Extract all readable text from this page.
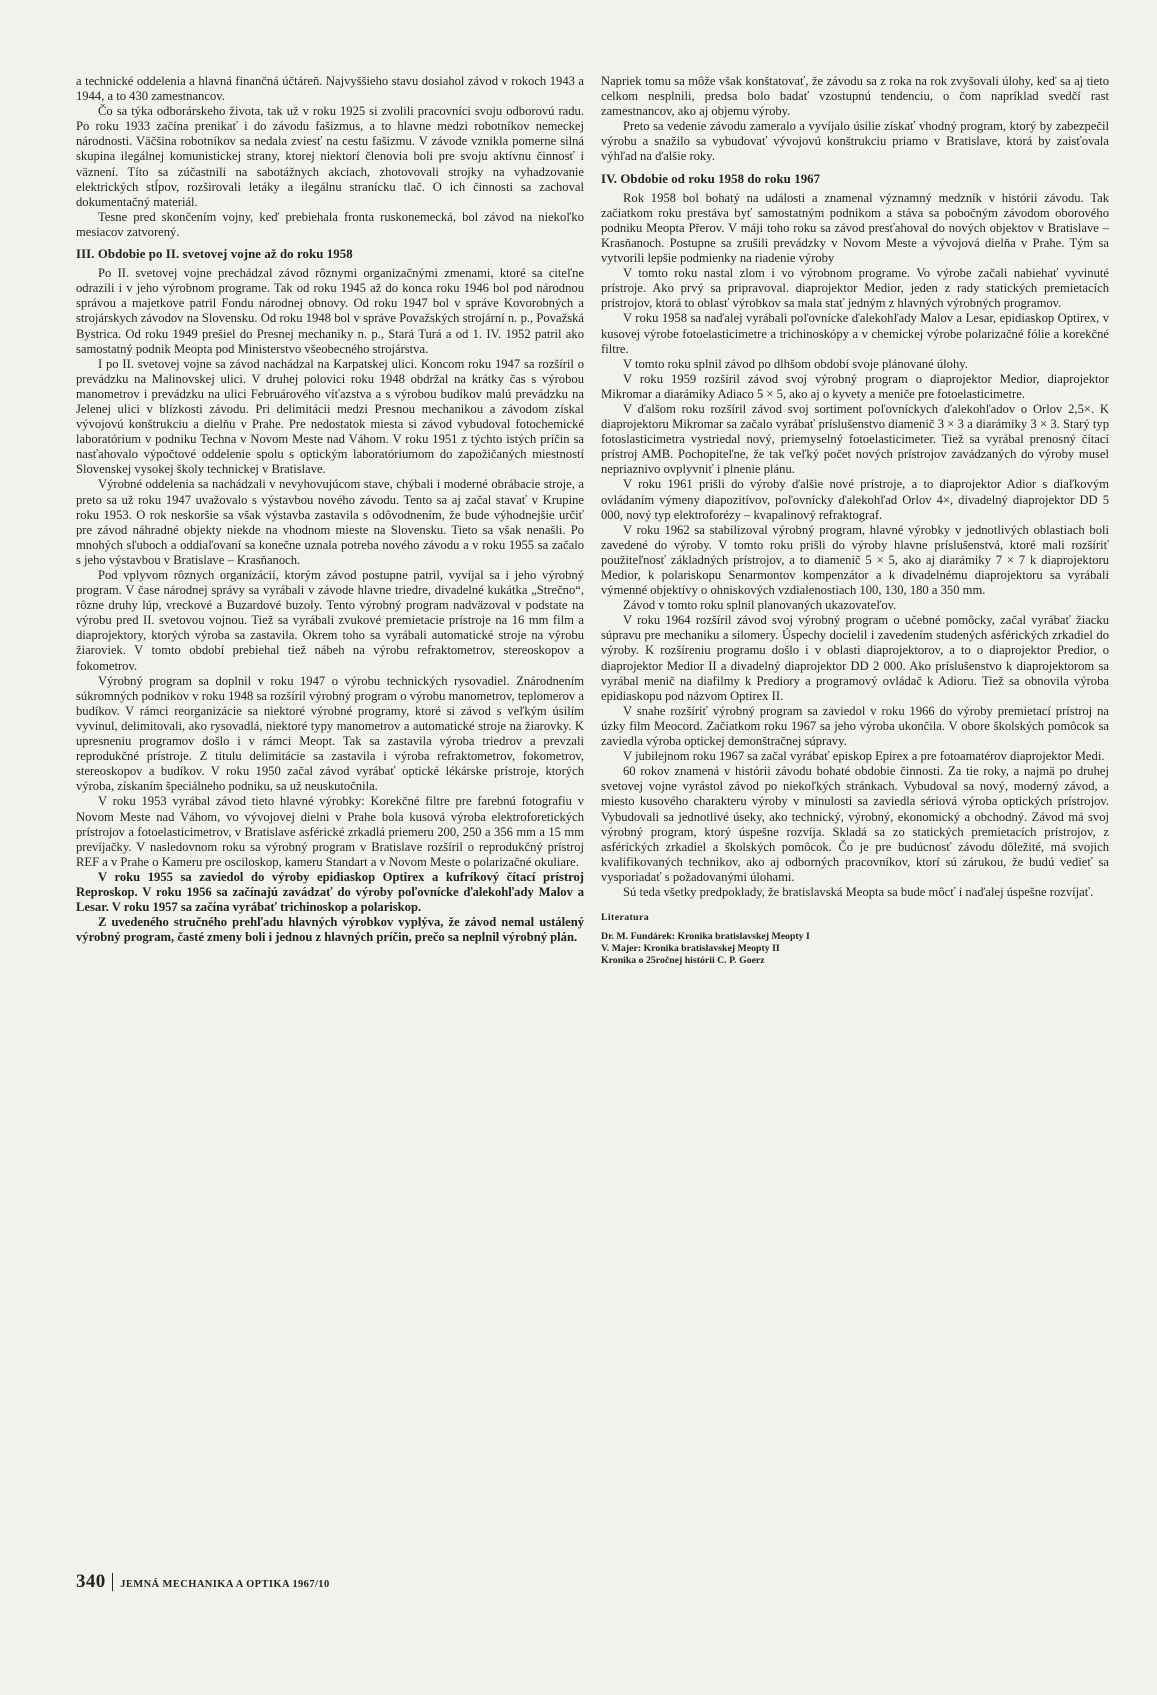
a technické oddelenia a hlavná finančná účtáreň. Najvyššieho stavu dosiahol závod v rokoch 1943 a 1944, a to 430 zamestnancov.

Čo sa týka odborárskeho života, tak už v roku 1925 si zvolili pracovníci svoju odborovú radu. Po roku 1933 začína prenikať i do závodu fašizmus, a to hlavne medzi robotníkov nemeckej národnosti. Väčšina robotníkov sa nedala zviesť na cestu fašizmu. V závode vznikla pomerne silná skupina ilegálnej komunistickej strany, ktorej niektorí členovia boli pre svoju aktívnu činnosť i väznení. Títo sa zúčastnili na sabotážnych akciach, zhotovovali strojky na vyhadzovanie elektrických stĺpov, rozširovali letáky a ilegálnu stranícku tlač. O ich činnosti sa zachoval dokumentačný materiál.

Tesne pred skončením vojny, keď prebiehala fronta ruskonemecká, bol závod na niekoľko mesiacov zatvorený.

III. Obdobie po II. svetovej vojne až do roku 1958

Po II. svetovej vojne prechádzal závod rôznymi organizačnými zmenami, ktoré sa citeľne odrazili i v jeho výrobnom programe. Tak od roku 1945 až do konca roku 1946 bol pod národnou správou a majetkove patril Fondu národnej obnovy. Od roku 1947 bol v správe Kovorobných a strojárskych závodov na Slovensku. Od roku 1948 bol v správe Považských strojární n. p., Považská Bystrica. Od roku 1949 prešiel do Presnej mechaniky n. p., Stará Turá a od 1. IV. 1952 patril ako samostatný podnik Meopta pod Ministerstvo všeobecného strojárstva.

I po II. svetovej vojne sa závod nachádzal na Karpatskej ulici. Koncom roku 1947 sa rozšíril o prevádzku na Malinovskej ulici. V druhej polovici roku 1948 obdržal na krátky čas s výrobou manometrov i prevádzku na ulici Februárového víťazstva a s výrobou budíkov malú prevádzku na Jelenej ulici v blízkosti závodu. Pri delimitácii medzi Presnou mechanikou a závodom získal vývojovú konštrukciu a dielňu v Prahe. Pre nedostatok miesta si závod vybudoval fotochemické laboratórium v podniku Techna v Novom Meste nad Váhom. V roku 1951 z týchto istých príčin sa nasťahovalo výpočtové oddelenie spolu s optickým laboratóriumom do zapožičaných miestností Slovenskej vysokej školy technickej v Bratislave.

Výrobné oddelenia sa nachádzali v nevyhovujúcom stave, chýbali i moderné obrábacie stroje, a preto sa už roku 1947 uvažovalo s výstavbou nového závodu. Tento sa aj začal stavať v Krupine roku 1953. O rok neskoršie sa však výstavba zastavila s odôvodnením, že bude výhodnejšie určiť pre závod náhradné objekty niekde na vhodnom mieste na Slovensku. Tieto sa však nenašli. Po mnohých sľuboch a oddiaľovaní sa konečne uznala potreba nového závodu a v roku 1955 sa začalo s jeho výstavbou v Bratislave – Krasňanoch.

Pod vplyvom rôznych organizácií, ktorým závod postupne patril, vyvíjal sa i jeho výrobný program. V čase národnej správy sa vyrábali v závode hlavne triedre, divadelné kukátka „Strečno“, rôzne druhy lúp, vreckové a Buzardové buzoly. Tento výrobný program nadväzoval v podstate na výrobu pred II. svetovou vojnou. Tiež sa vyrábali zvukové premietacie prístroje na 16 mm film a diaprojektory, ktorých výroba sa zastavila. Okrem toho sa vyrábali automatické stroje na výrobu žiaroviek. V tomto období prebiehal tiež nábeh na výrobu refraktometrov, stereoskopov a fokometrov.

Výrobný program sa doplnil v roku 1947 o výrobu technických rysovadiel. Znárodnením súkromných podnikov v roku 1948 sa rozšíril výrobný program o výrobu manometrov, teplomerov a budíkov. V rámci reorganizácie sa niektoré výrobné programy, ktoré si závod s veľkým úsilím vyvinul, delimitovali, ako rysovadlá, niektoré typy manometrov a automatické stroje na žiarovky. K upresneniu programov došlo i v rámci Meopt. Tak sa zastavila výroba triedrov a prevzali reprodukčné prístroje. Z titulu delimitácie sa zastavila i výroba refraktometrov, fokometrov, stereoskopov a budíkov. V roku 1950 začal závod vyrábať optické lékárske prístroje, ktorých výroba, získaním špeciálneho podniku, sa už neuskutočnila.

V roku 1953 vyrábal závod tieto hlavné výrobky: Korekčné filtre pre farebnú fotografiu v Novom Meste nad Váhom, vo vývojovej dielni v Prahe bola kusová výroba elektroforetických prístrojov a fotoelasticimetrov, v Bratislave asférické zrkadlá priemeru 200, 250 a 356 mm a 15 mm prevíjačky. V nasledovnom roku sa výrobný program v Bratislave rozšíril o reprodukčný prístroj REF a v Prahe o Kameru pre osciloskop, kameru Standart a v Novom Meste o polarizačné okuliare.

V roku 1955 sa zaviedol do výroby epidiaskop Optirex a kufríkový čítací prístroj Reproskop. V roku 1956 sa začínajú zavádzať do výroby poľovnícke ďalekohľady Malov a Lesar. V roku 1957 sa začína vyrábať trichinoskop a polariskop.

Z uvedeného stručného prehľadu hlavných výrobkov vyplýva, že závod nemal ustálený výrobný program, časté zmeny boli i jednou z hlavných príčin, prečo sa neplnil výrobný plán.

Napriek tomu sa môže však konštatovať, že závodu sa z roka na rok zvyšovali úlohy, keď sa aj tieto celkom nesplnili, predsa bolo badať vzostupnú tendenciu, o čom napríklad svedčí rast zamestnancov, ako aj objemu výroby.

Preto sa vedenie závodu zameralo a vyvíjalo úsilie získať vhodný program, ktorý by zabezpečil výrobu a snažilo sa vybudovať vývojovú konštrukciu priamo v Bratislave, ktorá by zaisťovala výhľad na ďalšie roky.

IV. Obdobie od roku 1958 do roku 1967

Rok 1958 bol bohatý na události a znamenal významný medzník v histórii závodu. Tak začiatkom roku prestáva byť samostatným podnikom a stáva sa pobočným závodom oborového podniku Meopta Přerov. V máji toho roku sa závod presťahoval do nových objektov v Bratislave – Krasňanoch. Postupne sa zrušili prevádzky v Novom Meste a vývojová dielňa v Prahe. Tým sa vytvorili lepšie podmienky na riadenie výroby

V tomto roku nastal zlom i vo výrobnom programe. Vo výrobe začali nabiehať vyvinuté prístroje. Ako prvý sa pripravoval. diaprojektor Medior, jeden z rady statických premietacích prístrojov, ktorá to oblasť výrobkov sa mala stať jedným z hlavných výrobných programov.

V roku 1958 sa naďalej vyrábali poľovnícke ďalekohľady Malov a Lesar, epidiaskop Optirex, v kusovej výrobe fotoelasticimetre a trichinoskópy a v chemickej výrobe polarizačné fólie a korekčné filtre.

V tomto roku splnil závod po dlhšom období svoje plánované úlohy.

V roku 1959 rozšíril závod svoj výrobný program o diaprojektor Medior, diaprojektor Mikromar a diarámiky Adiaco 5 × 5, ako aj o kyvety a meniče pre fotoelasticimetre.

V ďalšom roku rozšíril závod svoj sortiment poľovníckych ďalekohľadov o Orlov 2,5×. K diaprojektoru Mikromar sa začalo vyrábať príslušenstvo diamenič 3 × 3 a diarámiky 3 × 3. Starý typ fotoslasticimetra vystriedal nový, priemyselný fotoelasticimeter. Tiež sa vyrábal prenosný čítací prístroj AMB. Pochopiteľne, že tak veľký počet nových prístrojov zavádzaných do výroby musel nepriaznivo ovplyvniť i plnenie plánu.

V roku 1961 prišli do výroby ďalšie nové prístroje, a to diaprojektor Adior s diaľkovým ovládaním výmeny diapozitívov, poľovnícky ďalekohľad Orlov 4×, divadelný diaprojektor DD 5 000, nový typ elektroforézy – kvapalinový refraktograf.

V roku 1962 sa stabilizoval výrobný program, hlavné výrobky v jednotlivých oblastiach boli zavedené do výroby. V tomto roku prišli do výroby hlavne príslušenstvá, ktoré mali rozšíriť použiteľnosť základných prístrojov, a to diamenič 5 × 5, ako aj diarámiky 7 × 7 k diaprojektoru Medior, k polariskopu Senarmontov kompenzátor a k divadelnému diaprojektoru sa vyrábali výmenné objektívy o ohniskových vzdialenostiach 100, 130, 180 a 350 mm.

Závod v tomto roku splnil planovaných ukazovateľov.

V roku 1964 rozšíril závod svoj výrobný program o učebné pomôcky, začal vyrábať žiacku súpravu pre mechaniku a silomery. Úspechy docielil i zavedením studených asférických zrkadiel do výroby. K rozšíreniu programu došlo i v oblasti diaprojektorov, a to o diaprojektor Predior, o diaprojektor Medior II a divadelný diaprojektor DD 2 000. Ako príslušenstvo k diaprojektorom sa vyrábal menič na diafilmy k Prediorу a programový ovládač k Adioru. Tiež sa obnovila výroba epidiaskopu pod názvom Optirex II.

V snahe rozšíriť výrobný program sa zaviedol v roku 1966 do výroby premietací prístroj na úzky film Meocord. Začiatkom roku 1967 sa jeho výroba ukončila. V obore školských pomôcok sa zaviedla výroba optickej demonštračnej súpravy.

V jubilejnom roku 1967 sa začal vyrábať episkop Epirex a pre fotoamatérov diaprojektor Medi.

60 rokov znamená v histórii závodu bohaté obdobie činnosti. Za tie roky, a najmä po druhej svetovej vojne vyrástol závod po niekoľkých stránkach. Vybudoval sa nový, moderný závod, a miesto kusového charakteru výroby v minulosti sa zaviedla sériová výroba optických prístrojov. Vybudovali sa jednotlivé úseky, ako technický, výrobný, ekonomický a obchodný. Závod má svoj výrobný program, ktorý úspešne rozvíja. Skladá sa zo statických premietacích prístrojov, z asférických zrkadiel a školských pomôcok. Čo je pre budúcnosť závodu dôležité, má svojich kvalifikovaných technikov, ako aj odborných pracovníkov, ktorí sú zárukou, že budú vedieť sa vysporiadať s požadovanými úlohami.

Sú teda všetky predpoklady, že bratislavská Meopta sa bude môcť i naďalej úspešne rozvíjať.

Literatura
Dr. M. Fundárek: Kronika bratislavskej Meopty I
V. Majer: Kronika bratislavskej Meopty II
Kronika o 25ročnej histórii C. P. Goerz
340 JEMNÁ MECHANIKA A OPTIKA 1967/10
